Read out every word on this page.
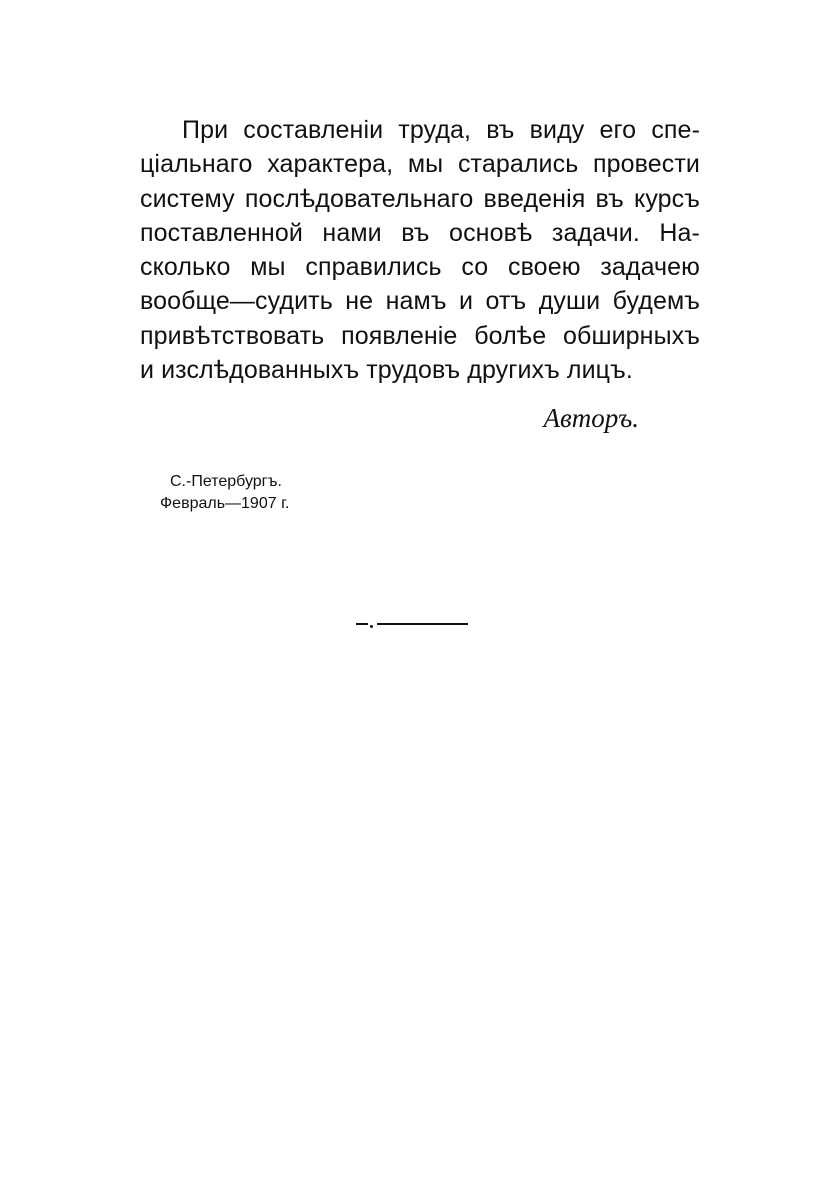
При составленіи труда, въ виду его спе-
ціальнаго характера, мы старались провести
систему послѣдовательнаго введенія въ курсъ
поставленной нами въ основѣ задачи. На-
сколько мы справились со своею задачею
вообще—судить не намъ и отъ души будемъ
привѣтствовать появленіе болѣе обширныхъ
и изслѣдованныхъ трудовъ другихъ лицъ.
Авторъ.
С.-Петербургъ.
Февраль—1907 г.
